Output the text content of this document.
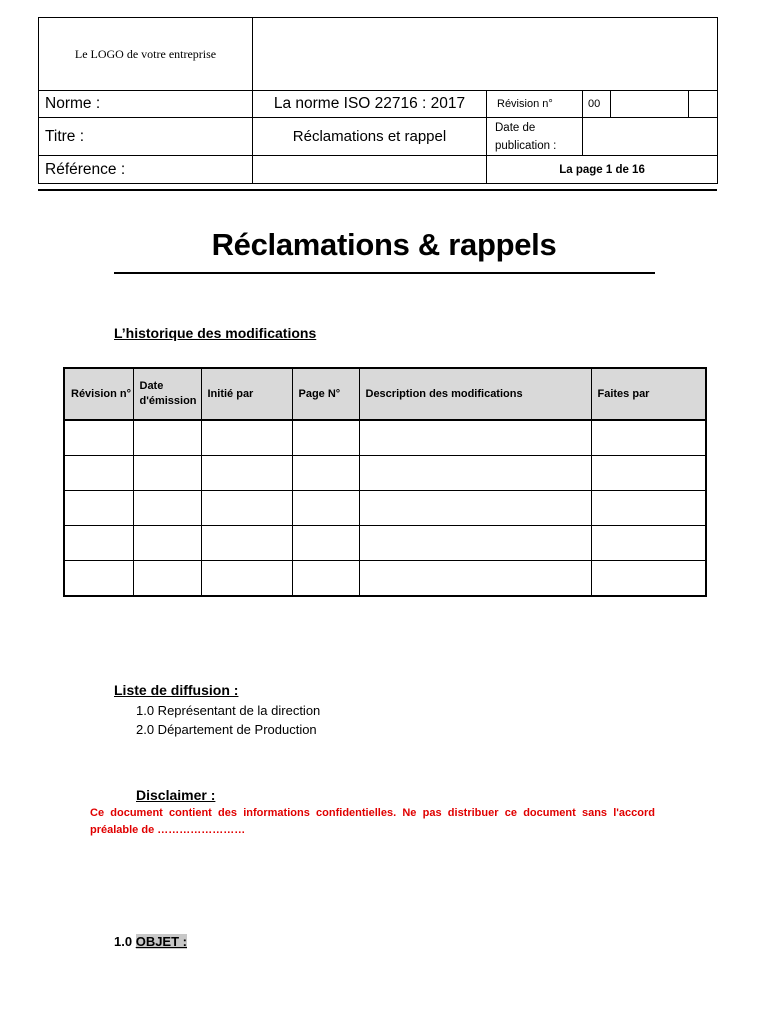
Le LOGO de votre entreprise					
Norme :	La norme ISO 22716 : 2017	Révision n°	00		
Titre :	Réclamations et rappel	Date de
publication :			

Référence :		La page 1 de 16			
Réclamations & rappels
L’historique des modifications
Révision n°	Date d'émission	Initié par	Page N°	Description des modifications	Faites par

Liste de diffusion :
1.0 Représentant de la direction
2.0 Département de Production
Disclaimer :
Ce document contient des informations confidentielles. Ne pas distribuer ce document sans l'accord préalable de ……………………
1.0 OBJET :
